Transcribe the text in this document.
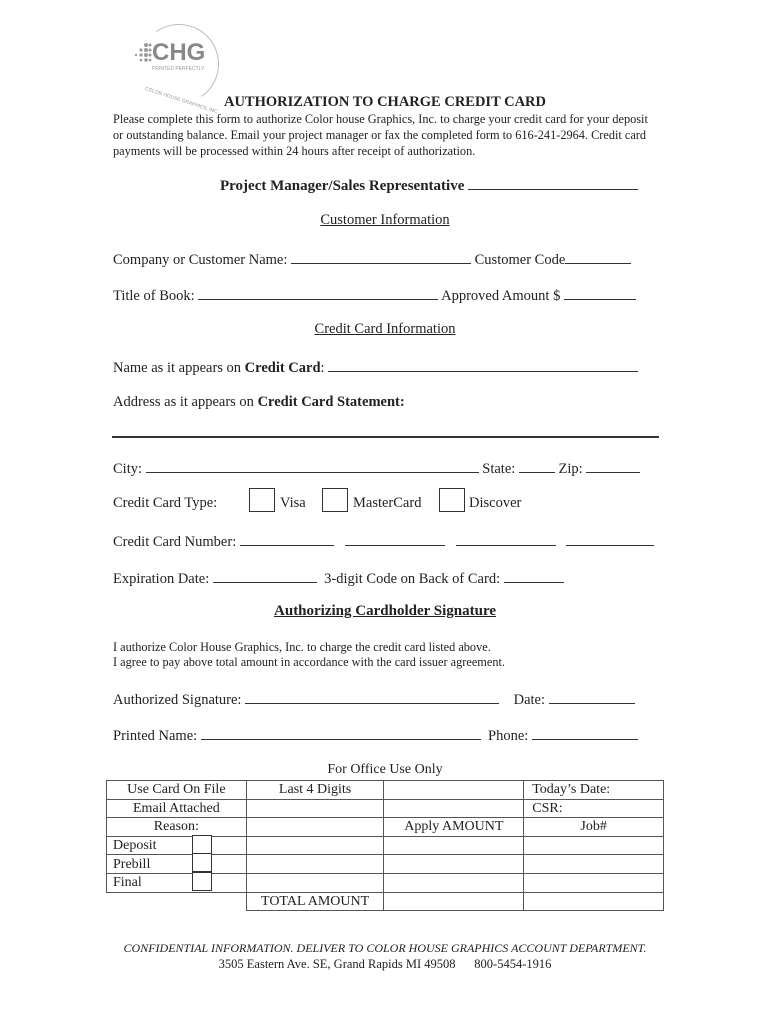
CHG
PRINTED PERFECTLY
COLOR HOUSE GRAPHICS, INC. AUTHORIZATION TO CHARGE CREDIT CARD
Please complete this form to authorize Color house Graphics, Inc. to charge your credit card for your deposit or outstanding balance. Email your project manager or fax the completed form to 616-241-2964. Credit card payments will be processed within 24 hours after receipt of authorization.
Project Manager/Sales Representative
Customer Information
Company or Customer Name:	Customer Code
Title of Book:	Approved Amount $
Credit Card Information
Name as it appears on Credit Card:
Address as it appears on Credit Card Statement:
City:	State:	Zip:
Credit Card Type:	Visa	MasterCard	Discover
Credit Card Number:
Expiration Date:	3-digit Code on Back of Card:
Authorizing Cardholder Signature
I authorize Color House Graphics, Inc. to charge the credit card listed above.
I agree to pay above total amount in accordance with the card issuer agreement.
Authorized Signature:	Date:
Printed Name:	Phone:
For Office Use Only
Use Card On File	Last 4 Digits		Today’s Date:
Email Attached			CSR:
Reason:		Apply AMOUNT	Job#
Deposit

Prebill

Final

	TOTAL AMOUNT		
CONFIDENTIAL INFORMATION. DELIVER TO COLOR HOUSE GRAPHICS ACCOUNT DEPARTMENT.
3505 Eastern Ave. SE, Grand Rapids MI 49508 800-5454-1916
